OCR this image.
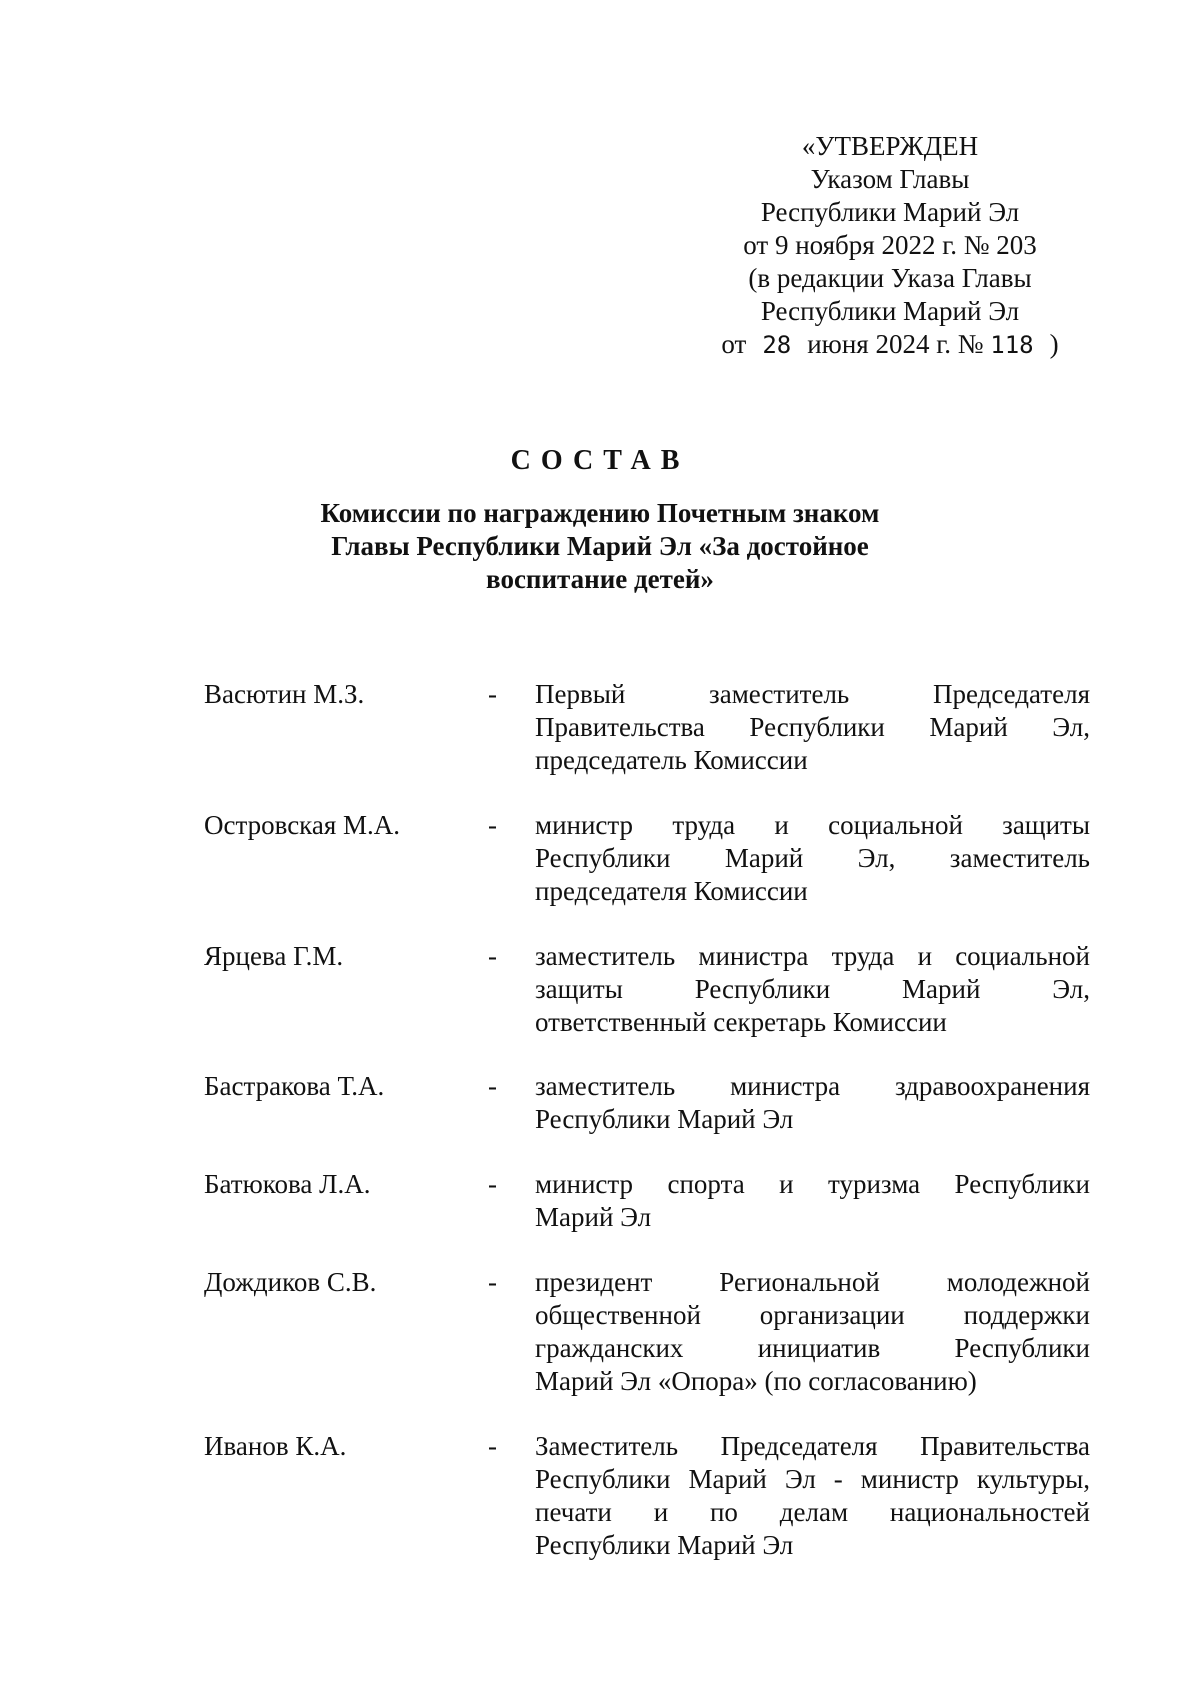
«УТВЕРЖДЕН
Указом Главы
Республики Марий Эл
от 9 ноября 2022 г. № 203
(в редакции Указа Главы
Республики Марий Эл
от 28 июня 2024 г. № 118 )
СОСТАВ
Комиссии по награждению Почетным знаком
Главы Республики Марий Эл «За достойное
воспитание детей»
Васютин М.З.	- Первый заместитель Председателя
Правительства Республики Марий Эл,
председатель Комиссии
Островская М.А.	- министр труда и социальной защиты
Республики Марий Эл, заместитель
председателя Комиссии
Ярцева Г.М.	- заместитель министра труда и социальной
защиты Республики Марий Эл,
ответственный секретарь Комиссии
Бастракова Т.А.	- заместитель министра здравоохранения
Республики Марий Эл
Батюкова Л.А.	- министр спорта и туризма Республики
Марий Эл
Дождиков С.В.	- президент Региональной молодежной
общественной организации поддержки
гражданских инициатив Республики
Марий Эл «Опора» (по согласованию)
Иванов К.А.	- Заместитель Председателя Правительства
Республики Марий Эл - министр культуры,
печати и по делам национальностей
Республики Марий Эл
